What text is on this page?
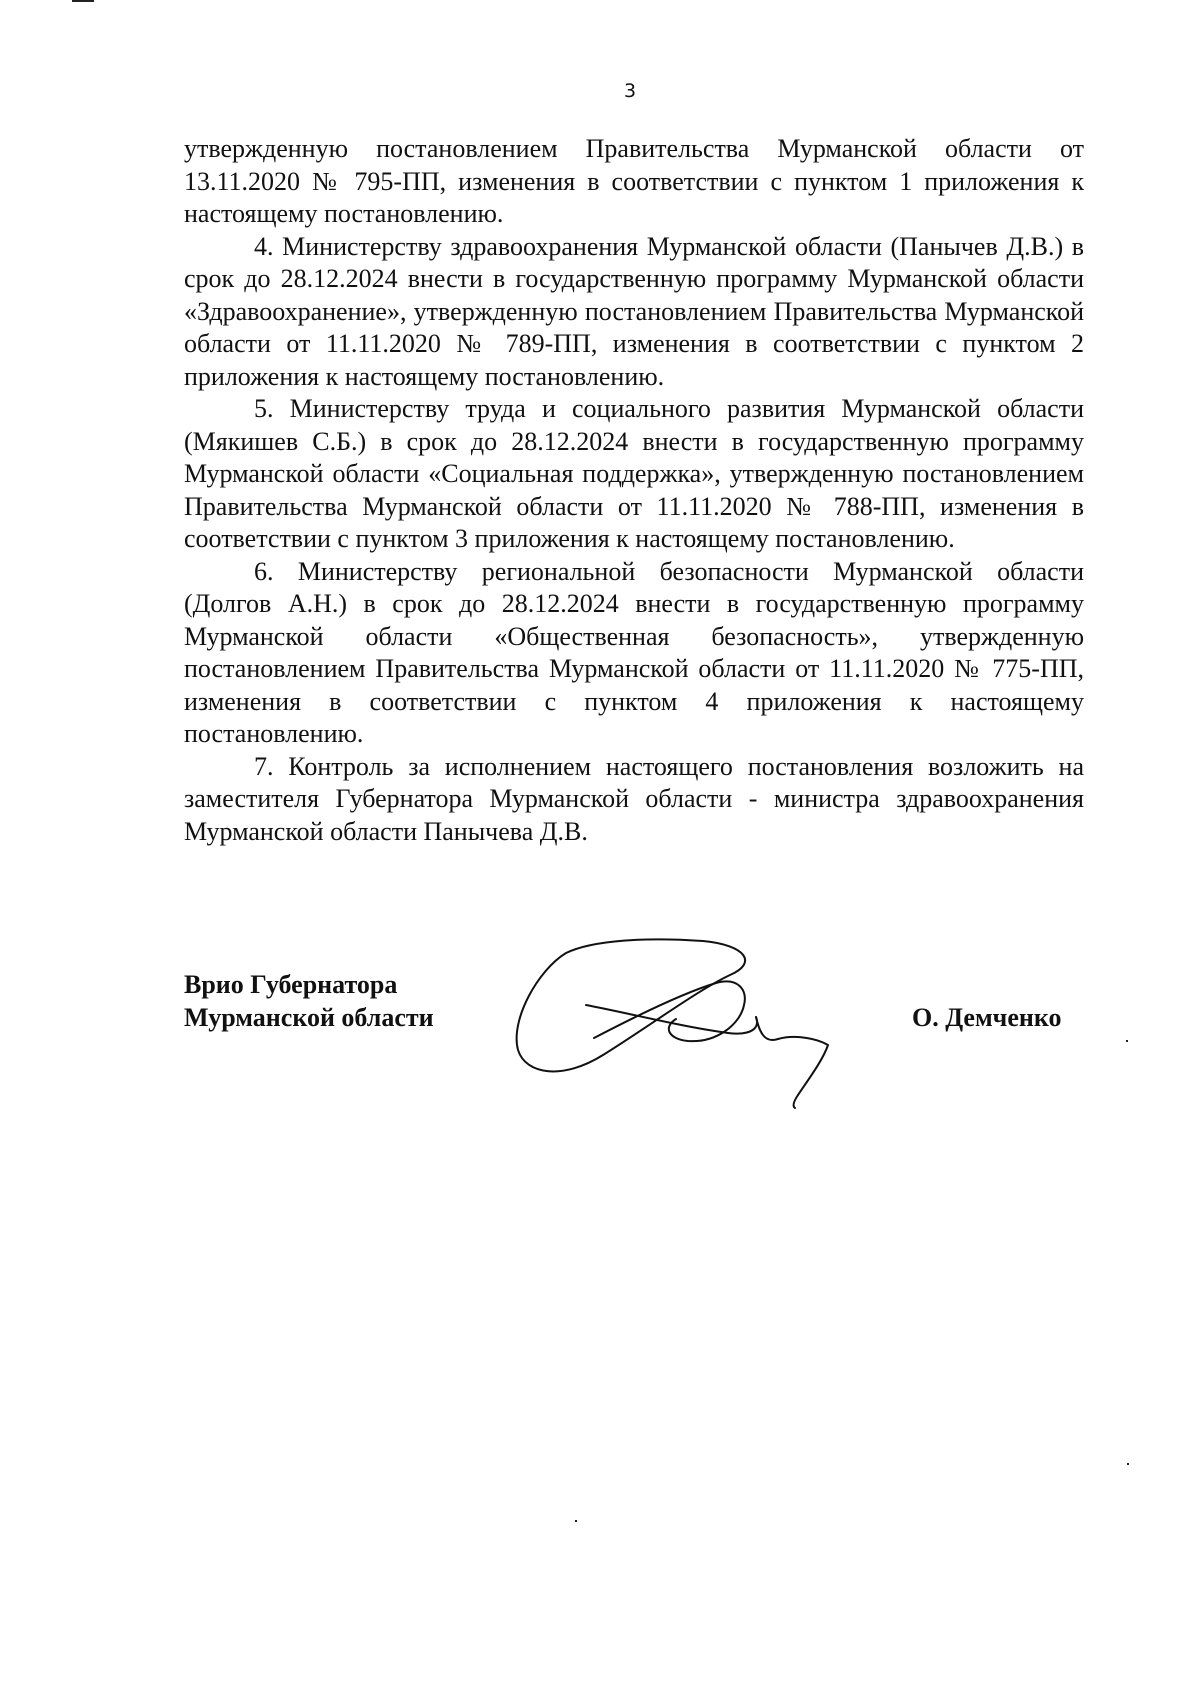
3

утвержденную постановлением Правительства Мурманской области от 13.11.2020 № 795-ПП, изменения в соответствии с пунктом 1 приложения к настоящему постановлению.

4. Министерству здравоохранения Мурманской области (Панычев Д.В.) в срок до 28.12.2024 внести в государственную программу Мурманской области «Здравоохранение», утвержденную постановлением Правительства Мурманской области от 11.11.2020 № 789-ПП, изменения в соответствии с пунктом 2 приложения к настоящему постановлению.

5. Министерству труда и социального развития Мурманской области (Мякишев С.Б.) в срок до 28.12.2024 внести в государственную программу Мурманской области «Социальная поддержка», утвержденную постановлением Правительства Мурманской области от 11.11.2020 № 788-ПП, изменения в соответствии с пунктом 3 приложения к настоящему постановлению.

6. Министерству региональной безопасности Мурманской области (Долгов А.Н.) в срок до 28.12.2024 внести в государственную программу Мурманской области «Общественная безопасность», утвержденную постановлением Правительства Мурманской области от 11.11.2020 № 775-ПП, изменения в соответствии с пунктом 4 приложения к настоящему постановлению.

7. Контроль за исполнением настоящего постановления возложить на заместителя Губернатора Мурманской области - министра здравоохранения Мурманской области Панычева Д.В.

Врио Губернатора
Мурманской области	О. Демченко
